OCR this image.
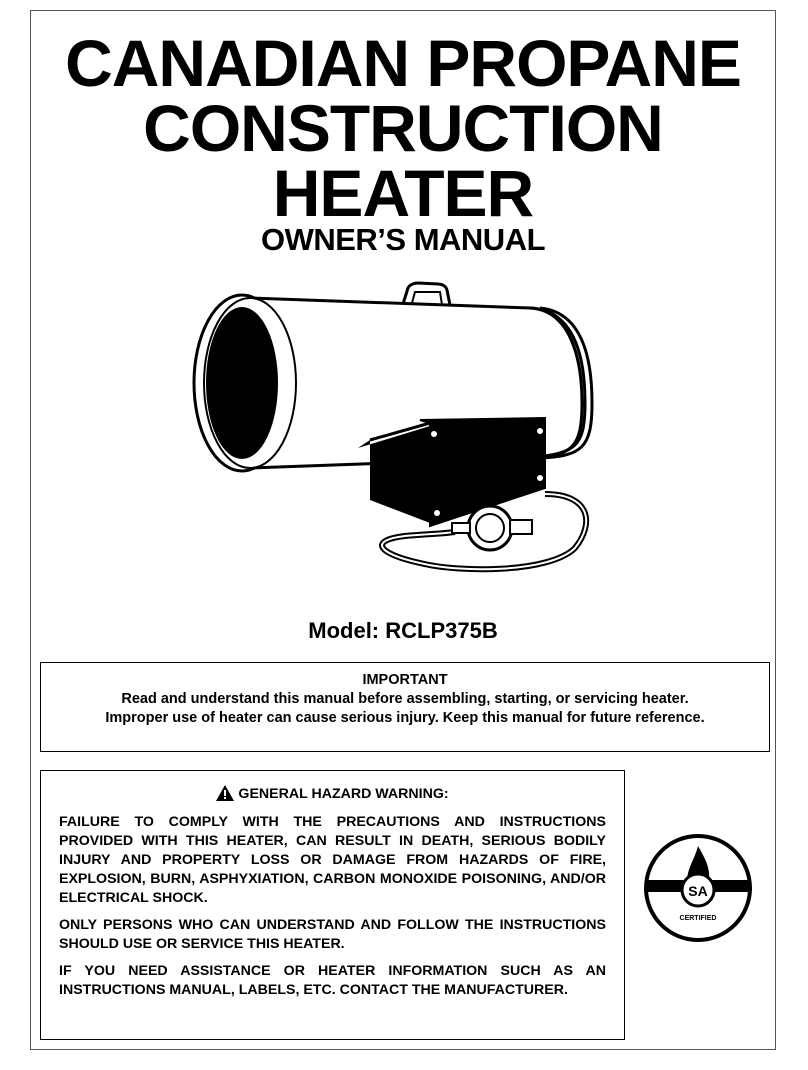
CANADIAN PROPANE
CONSTRUCTION
HEATER
OWNER’S MANUAL
Model: RCLP375B
IMPORTANT
Read and understand this manual before assembling, starting, or servicing heater.
Improper use of heater can cause serious injury. Keep this manual for future reference.
GENERAL HAZARD WARNING:

FAILURE TO COMPLY WITH THE PRECAUTIONS AND INSTRUCTIONS PROVIDED WITH THIS HEATER, CAN RESULT IN DEATH, SERIOUS BODILY INJURY AND PROPERTY LOSS OR DAMAGE FROM HAZARDS OF FIRE, EXPLOSION, BURN, ASPHYXIATION, CARBON MONOXIDE POISONING, AND/OR ELECTRICAL SHOCK.

ONLY PERSONS WHO CAN UNDERSTAND AND FOLLOW THE INSTRUCTIONS SHOULD USE OR SERVICE THIS HEATER.

IF YOU NEED ASSISTANCE OR HEATER INFORMATION SUCH AS AN INSTRUCTIONS MANUAL, LABELS, ETC. CONTACT THE MANUFACTURER.

SA
CERTIFIED
